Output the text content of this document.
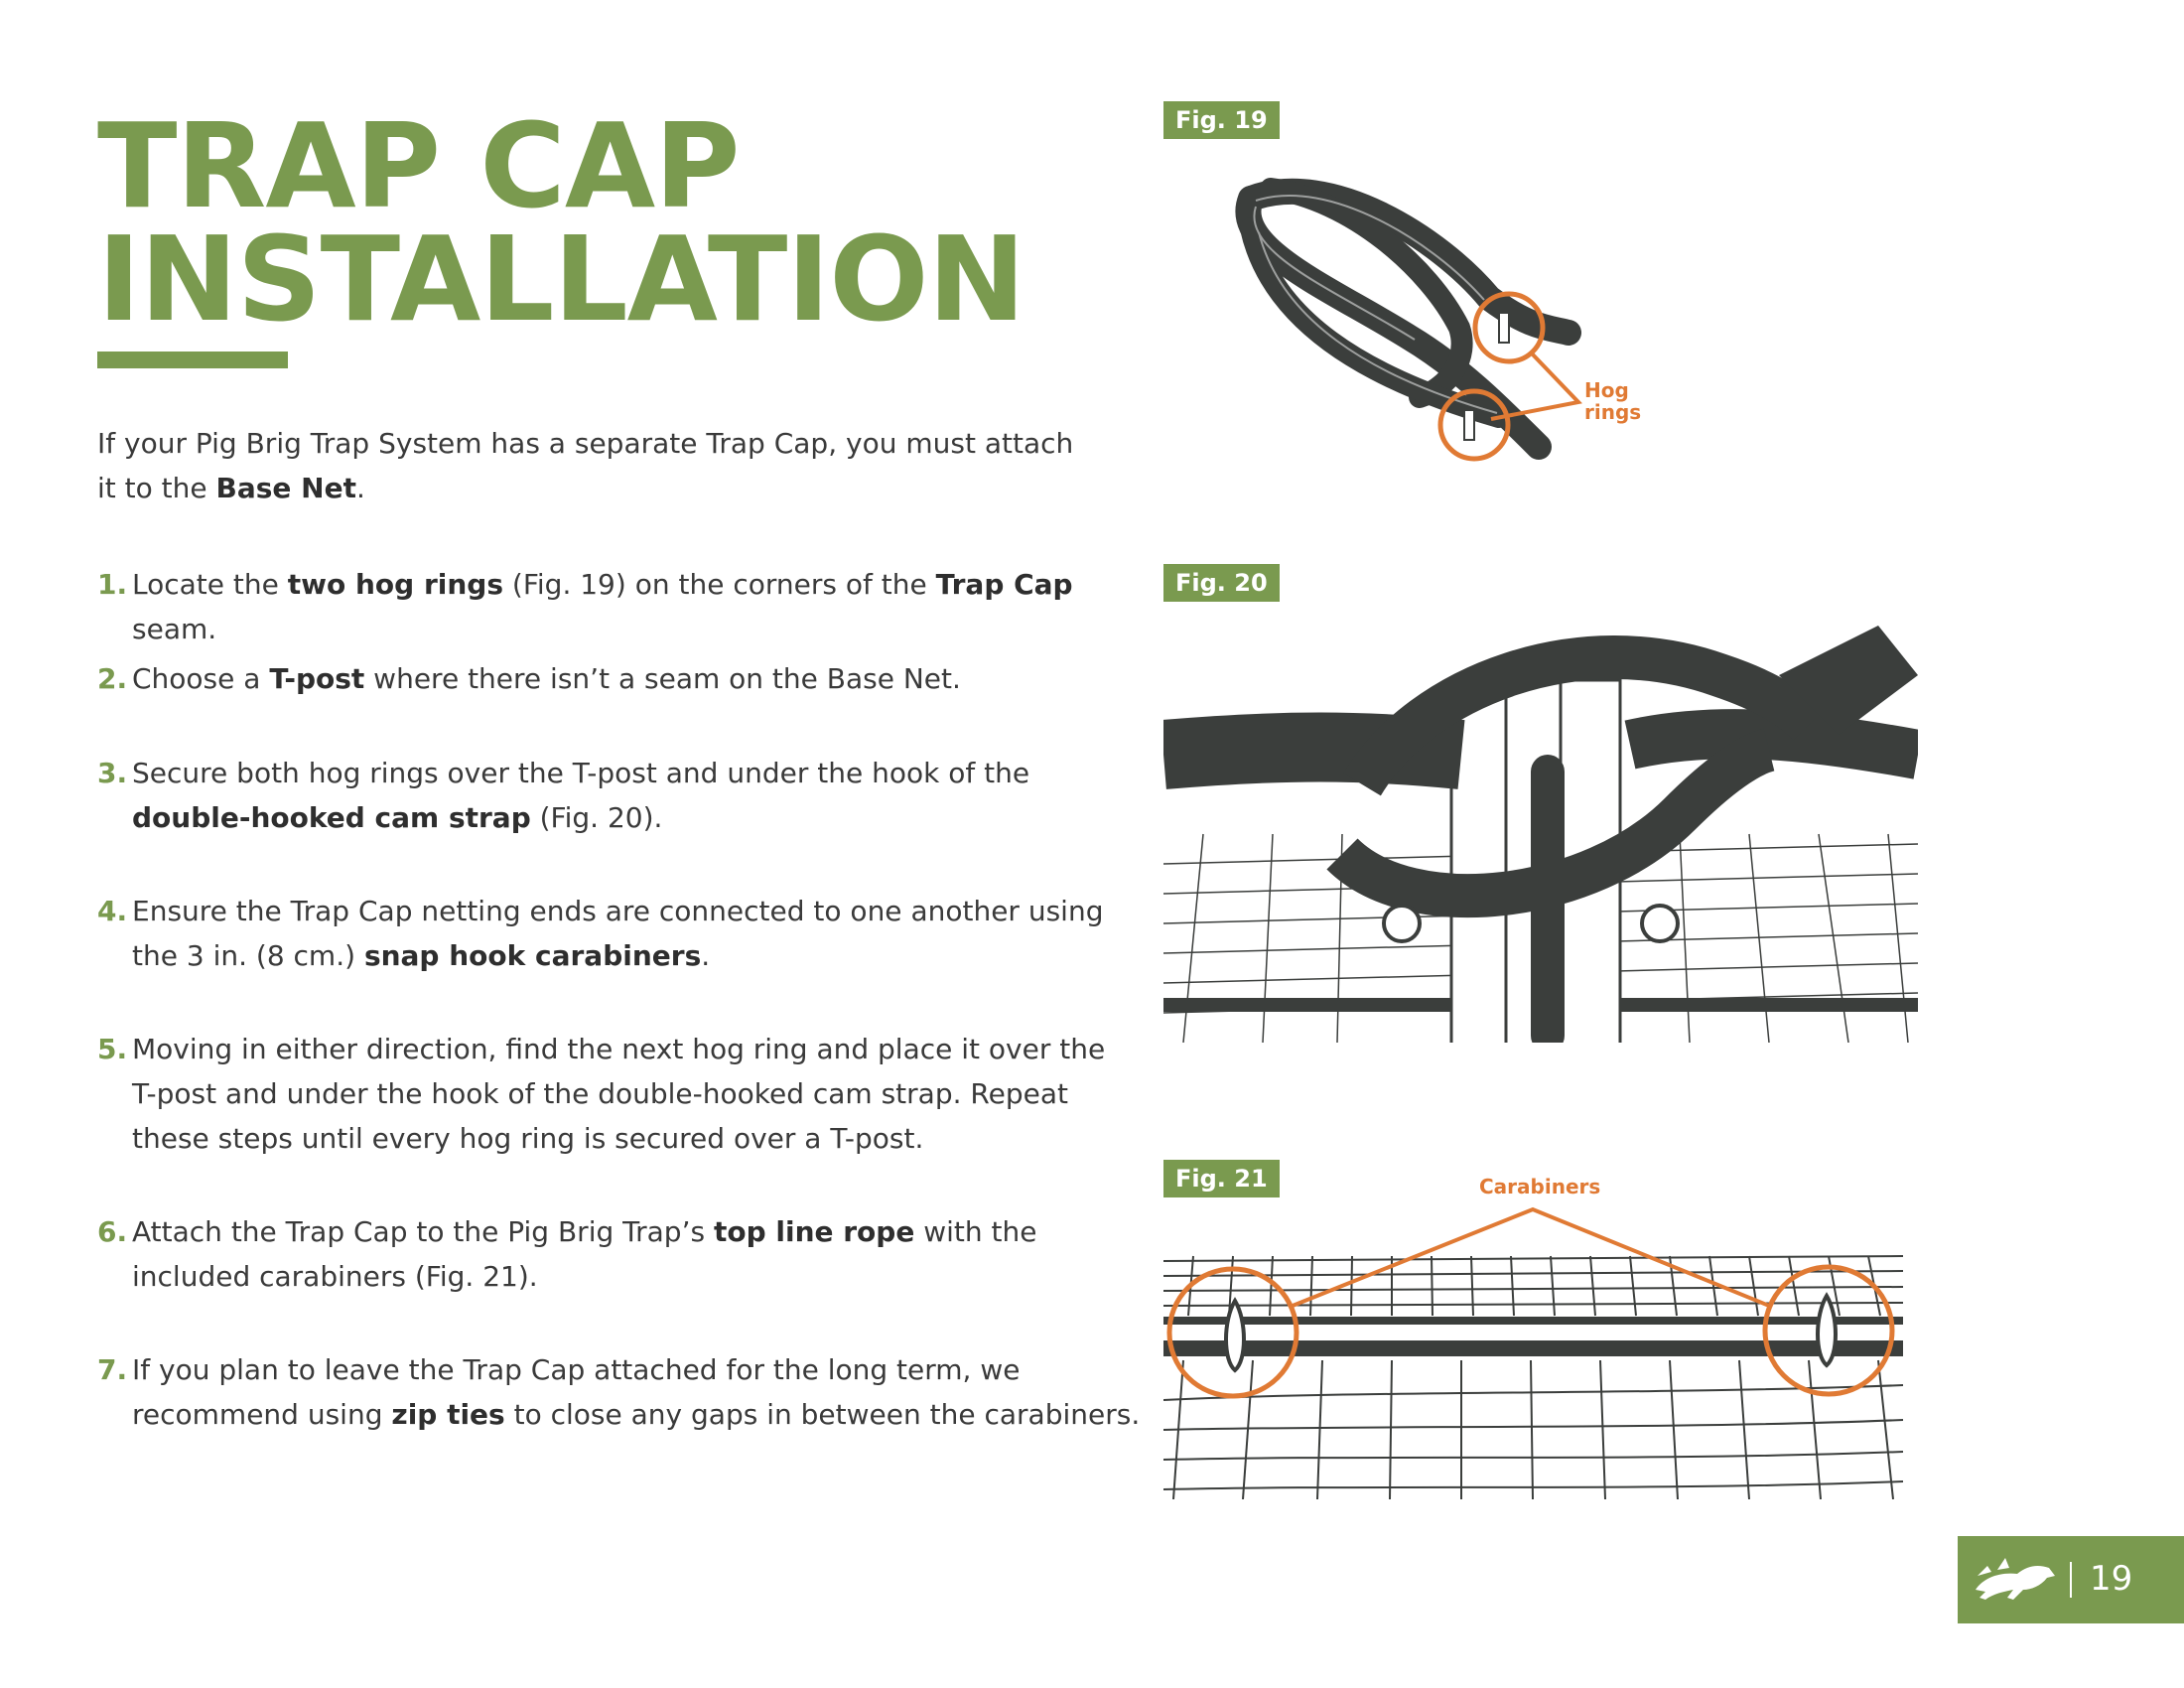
TRAP CAP
INSTALLATION

If your Pig Brig Trap System has a separate Trap Cap, you must attach it to the Base Net.

1. Locate the two hog rings (Fig. 19) on the corners of the Trap Cap seam.
2. Choose a T-post where there isn’t a seam on the Base Net.
3. Secure both hog rings over the T-post and under the hook of the
double-hooked cam strap (Fig. 20).
4. Ensure the Trap Cap netting ends are connected to one another using
the 3 in. (8 cm.) snap hook carabiners.
5. Moving in either direction, find the next hog ring and place it over the
T-post and under the hook of the double-hooked cam strap. Repeat
these steps until every hog ring is secured over a T-post.
6. Attach the Trap Cap to the Pig Brig Trap’s top line rope with the
included carabiners (Fig. 21).
7. If you plan to leave the Trap Cap attached for the long term, we
recommend using zip ties to close any gaps in between the carabiners.
Fig. 19
Hog
rings
Fig. 20
Fig. 21	Carabiners
19
